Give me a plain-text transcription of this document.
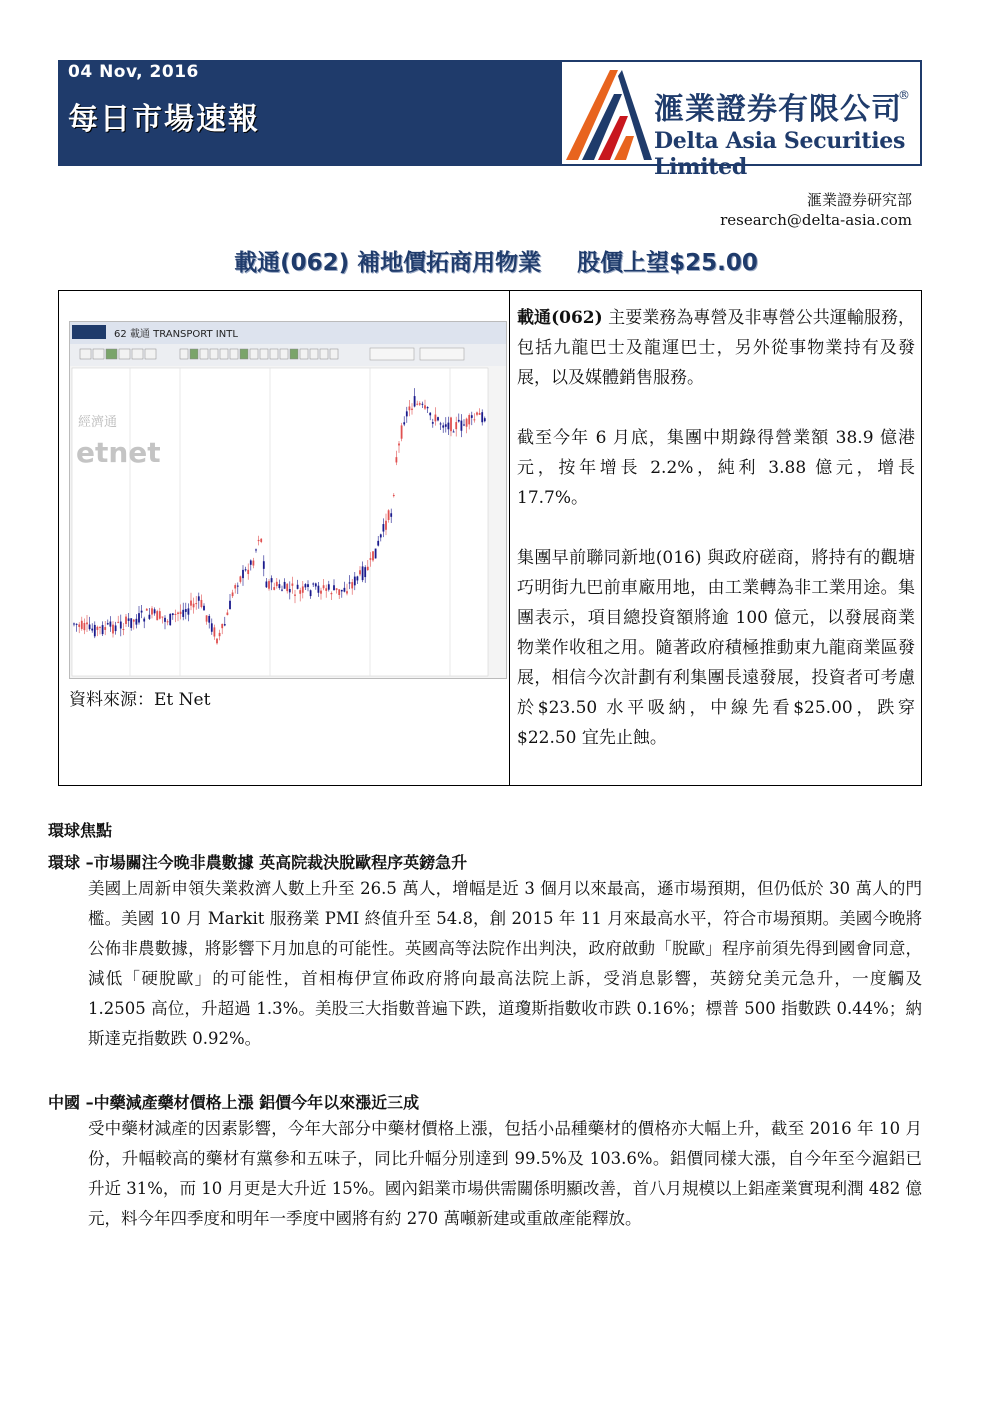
04 Nov, 2016
每日市場速報	滙業證券有限公司
®
Delta Asia Securities Limited
滙業證券研究部
research@delta-asia.com
載通(062) 補地價拓商用物業 股價上望$25.00
62 載通 TRANSPORT INTL
經濟通
etnet
資料來源：Et Net

載通(062) 主要業務為專營及非專營公共運輸服務，包括九龍巴士及龍運巴士，另外從事物業持有及發展，以及媒體銷售服務。

截至今年 6 月底，集團中期錄得營業額 38.9 億港元，按年增長 2.2%，純利 3.88 億元，增長 17.7%。

集團早前聯同新地(016) 與政府磋商，將持有的觀塘巧明街九巴前車廠用地，由工業轉為非工業用途。集團表示，項目總投資額將逾 100 億元，以發展商業物業作收租之用。隨著政府積極推動東九龍商業區發展，相信今次計劃有利集團長遠發展，投資者可考慮於$23.50 水平吸納，中線先看$25.00，跌穿$22.50 宜先止蝕。

環球焦點
環球 –市場關注今晚非農數據 英高院裁決脫歐程序英鎊急升
美國上周新申領失業救濟人數上升至 26.5 萬人，增幅是近 3 個月以來最高，遜市場預期，但仍低於 30 萬人的門檻。美國 10 月 Markit 服務業 PMI 終值升至 54.8，創 2015 年 11 月來最高水平，符合市場預期。美國今晚將公佈非農數據，將影響下月加息的可能性。英國高等法院作出判決，政府啟動「脫歐」程序前須先得到國會同意，減低「硬脫歐」的可能性，首相梅伊宣佈政府將向最高法院上訴，受消息影響，英鎊兌美元急升，一度觸及 1.2505 高位，升超過 1.3%。美股三大指數普遍下跌，道瓊斯指數收市跌 0.16%；標普 500 指數跌 0.44%；納斯達克指數跌 0.92%。
中國 –中藥減產藥材價格上漲 鋁價今年以來漲近三成
受中藥材減產的因素影響，今年大部分中藥材價格上漲，包括小品種藥材的價格亦大幅上升，截至 2016 年 10 月份，升幅較高的藥材有黨參和五味子，同比升幅分別達到 99.5%及 103.6%。鋁價同樣大漲，自今年至今滬鋁已升近 31%，而 10 月更是大升近 15%。國內鋁業市場供需關係明顯改善，首八月規模以上鋁產業實現利潤 482 億元，料今年四季度和明年一季度中國將有約 270 萬噸新建或重啟產能釋放。
